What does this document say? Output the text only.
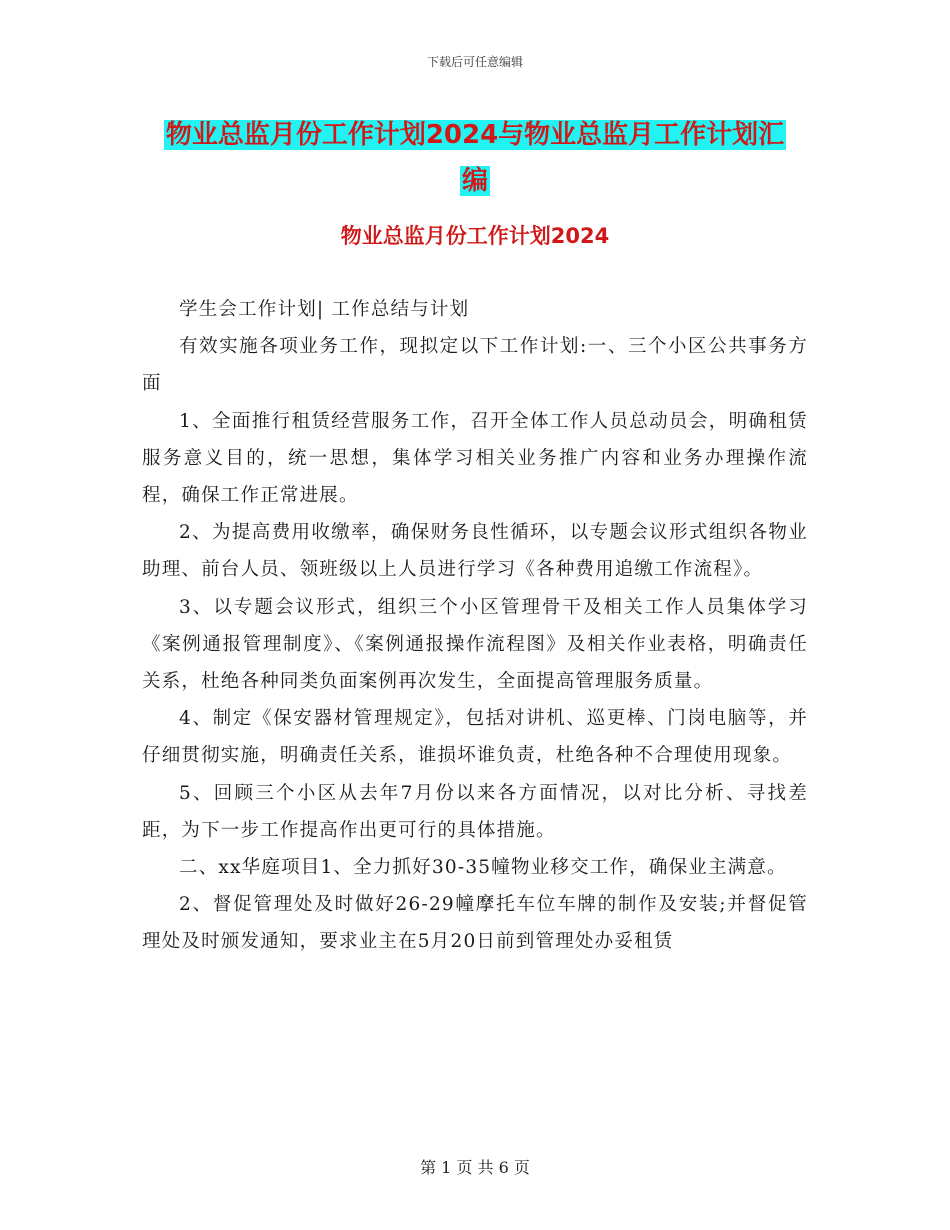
下载后可任意编辑
物业总监月份工作计划2024与物业总监月工作计划汇
编
物业总监月份工作计划2024

学生会工作计划| 工作总结与计划

有效实施各项业务工作，现拟定以下工作计划:一、三个小区公共事务方面

1、全面推行租赁经营服务工作，召开全体工作人员总动员会，明确租赁服务意义目的，统一思想，集体学习相关业务推广内容和业务办理操作流程，确保工作正常进展。

2、为提高费用收缴率，确保财务良性循环，以专题会议形式组织各物业助理、前台人员、领班级以上人员进行学习《各种费用追缴工作流程》。

3、以专题会议形式，组织三个小区管理骨干及相关工作人员集体学习《案例通报管理制度》、《案例通报操作流程图》及相关作业表格，明确责任关系，杜绝各种同类负面案例再次发生，全面提高管理服务质量。

4、制定《保安器材管理规定》，包括对讲机、巡更棒、门岗电脑等，并仔细贯彻实施，明确责任关系，谁损坏谁负责，杜绝各种不合理使用现象。

5、回顾三个小区从去年7月份以来各方面情况，以对比分析、寻找差距，为下一步工作提高作出更可行的具体措施。

二、xx华庭项目1、全力抓好30-35幢物业移交工作，确保业主满意。

2、督促管理处及时做好26-29幢摩托车位车牌的制作及安装;并督促管理处及时颁发通知，要求业主在5月20日前到管理处办妥租赁

第 1 页 共 6 页
